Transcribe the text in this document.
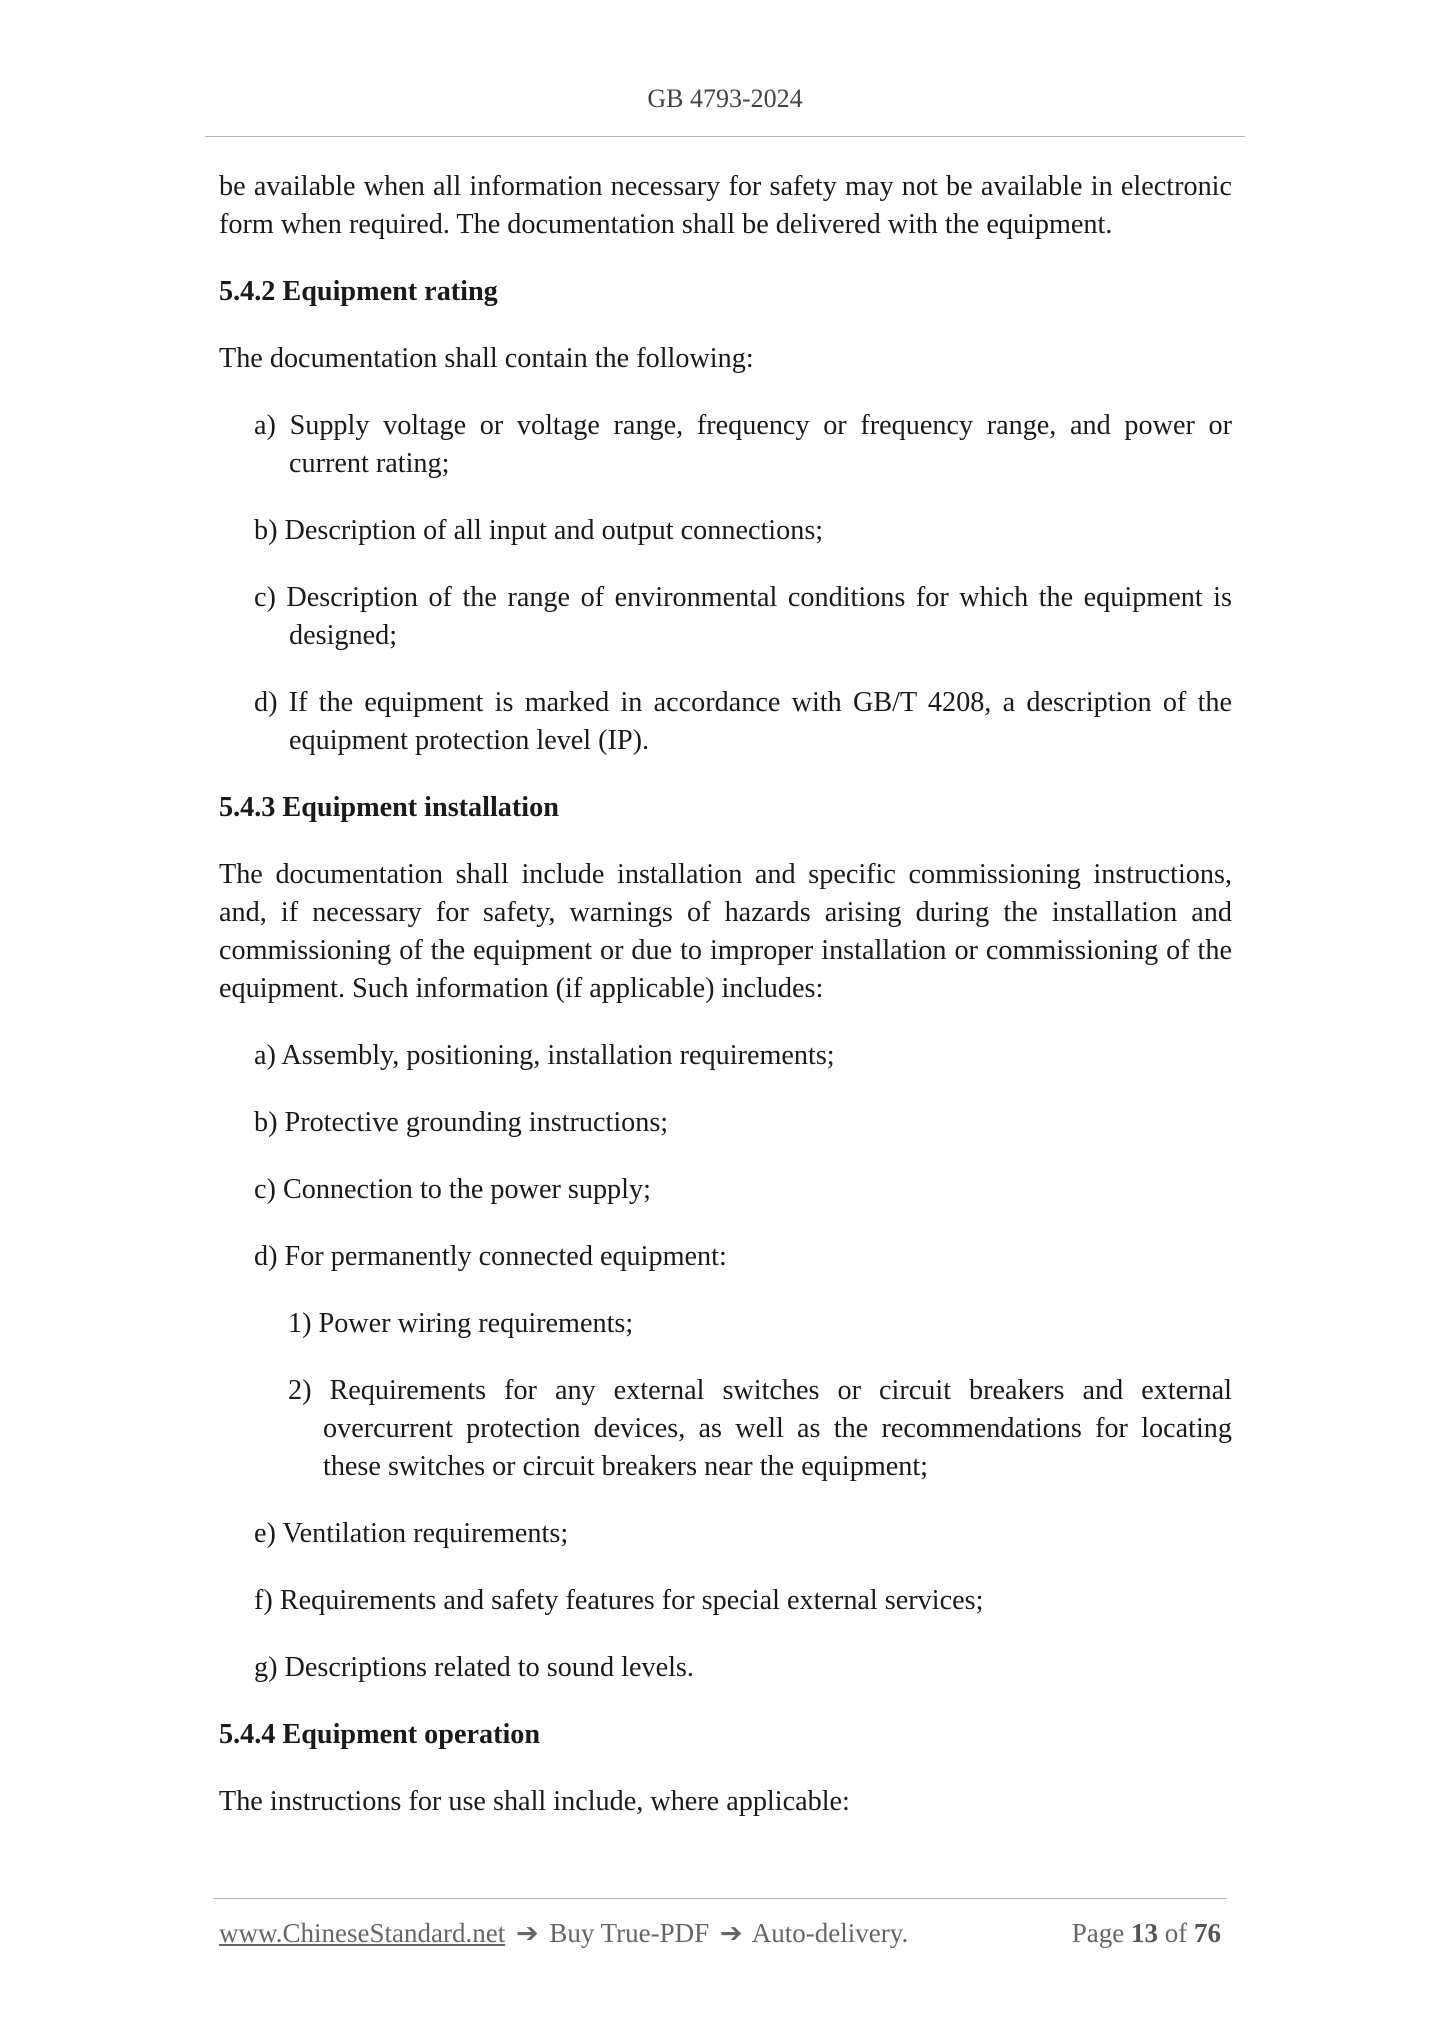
GB 4793-2024

be available when all information necessary for safety may not be available in electronic form when required. The documentation shall be delivered with the equipment.

5.4.2 Equipment rating

The documentation shall contain the following:

a) Supply voltage or voltage range, frequency or frequency range, and power or current rating;

b) Description of all input and output connections;

c) Description of the range of environmental conditions for which the equipment is designed;

d) If the equipment is marked in accordance with GB/T 4208, a description of the equipment protection level (IP).

5.4.3 Equipment installation

The documentation shall include installation and specific commissioning instructions, and, if necessary for safety, warnings of hazards arising during the installation and commissioning of the equipment or due to improper installation or commissioning of the equipment. Such information (if applicable) includes:

a) Assembly, positioning, installation requirements;

b) Protective grounding instructions;

c) Connection to the power supply;

d) For permanently connected equipment:

1) Power wiring requirements;

2) Requirements for any external switches or circuit breakers and external overcurrent protection devices, as well as the recommendations for locating these switches or circuit breakers near the equipment;

e) Ventilation requirements;

f) Requirements and safety features for special external services;

g) Descriptions related to sound levels.

5.4.4 Equipment operation

The instructions for use shall include, where applicable:

www.ChineseStandard.net ➔ Buy True-PDF ➔ Auto-delivery.	Page 13 of 76
